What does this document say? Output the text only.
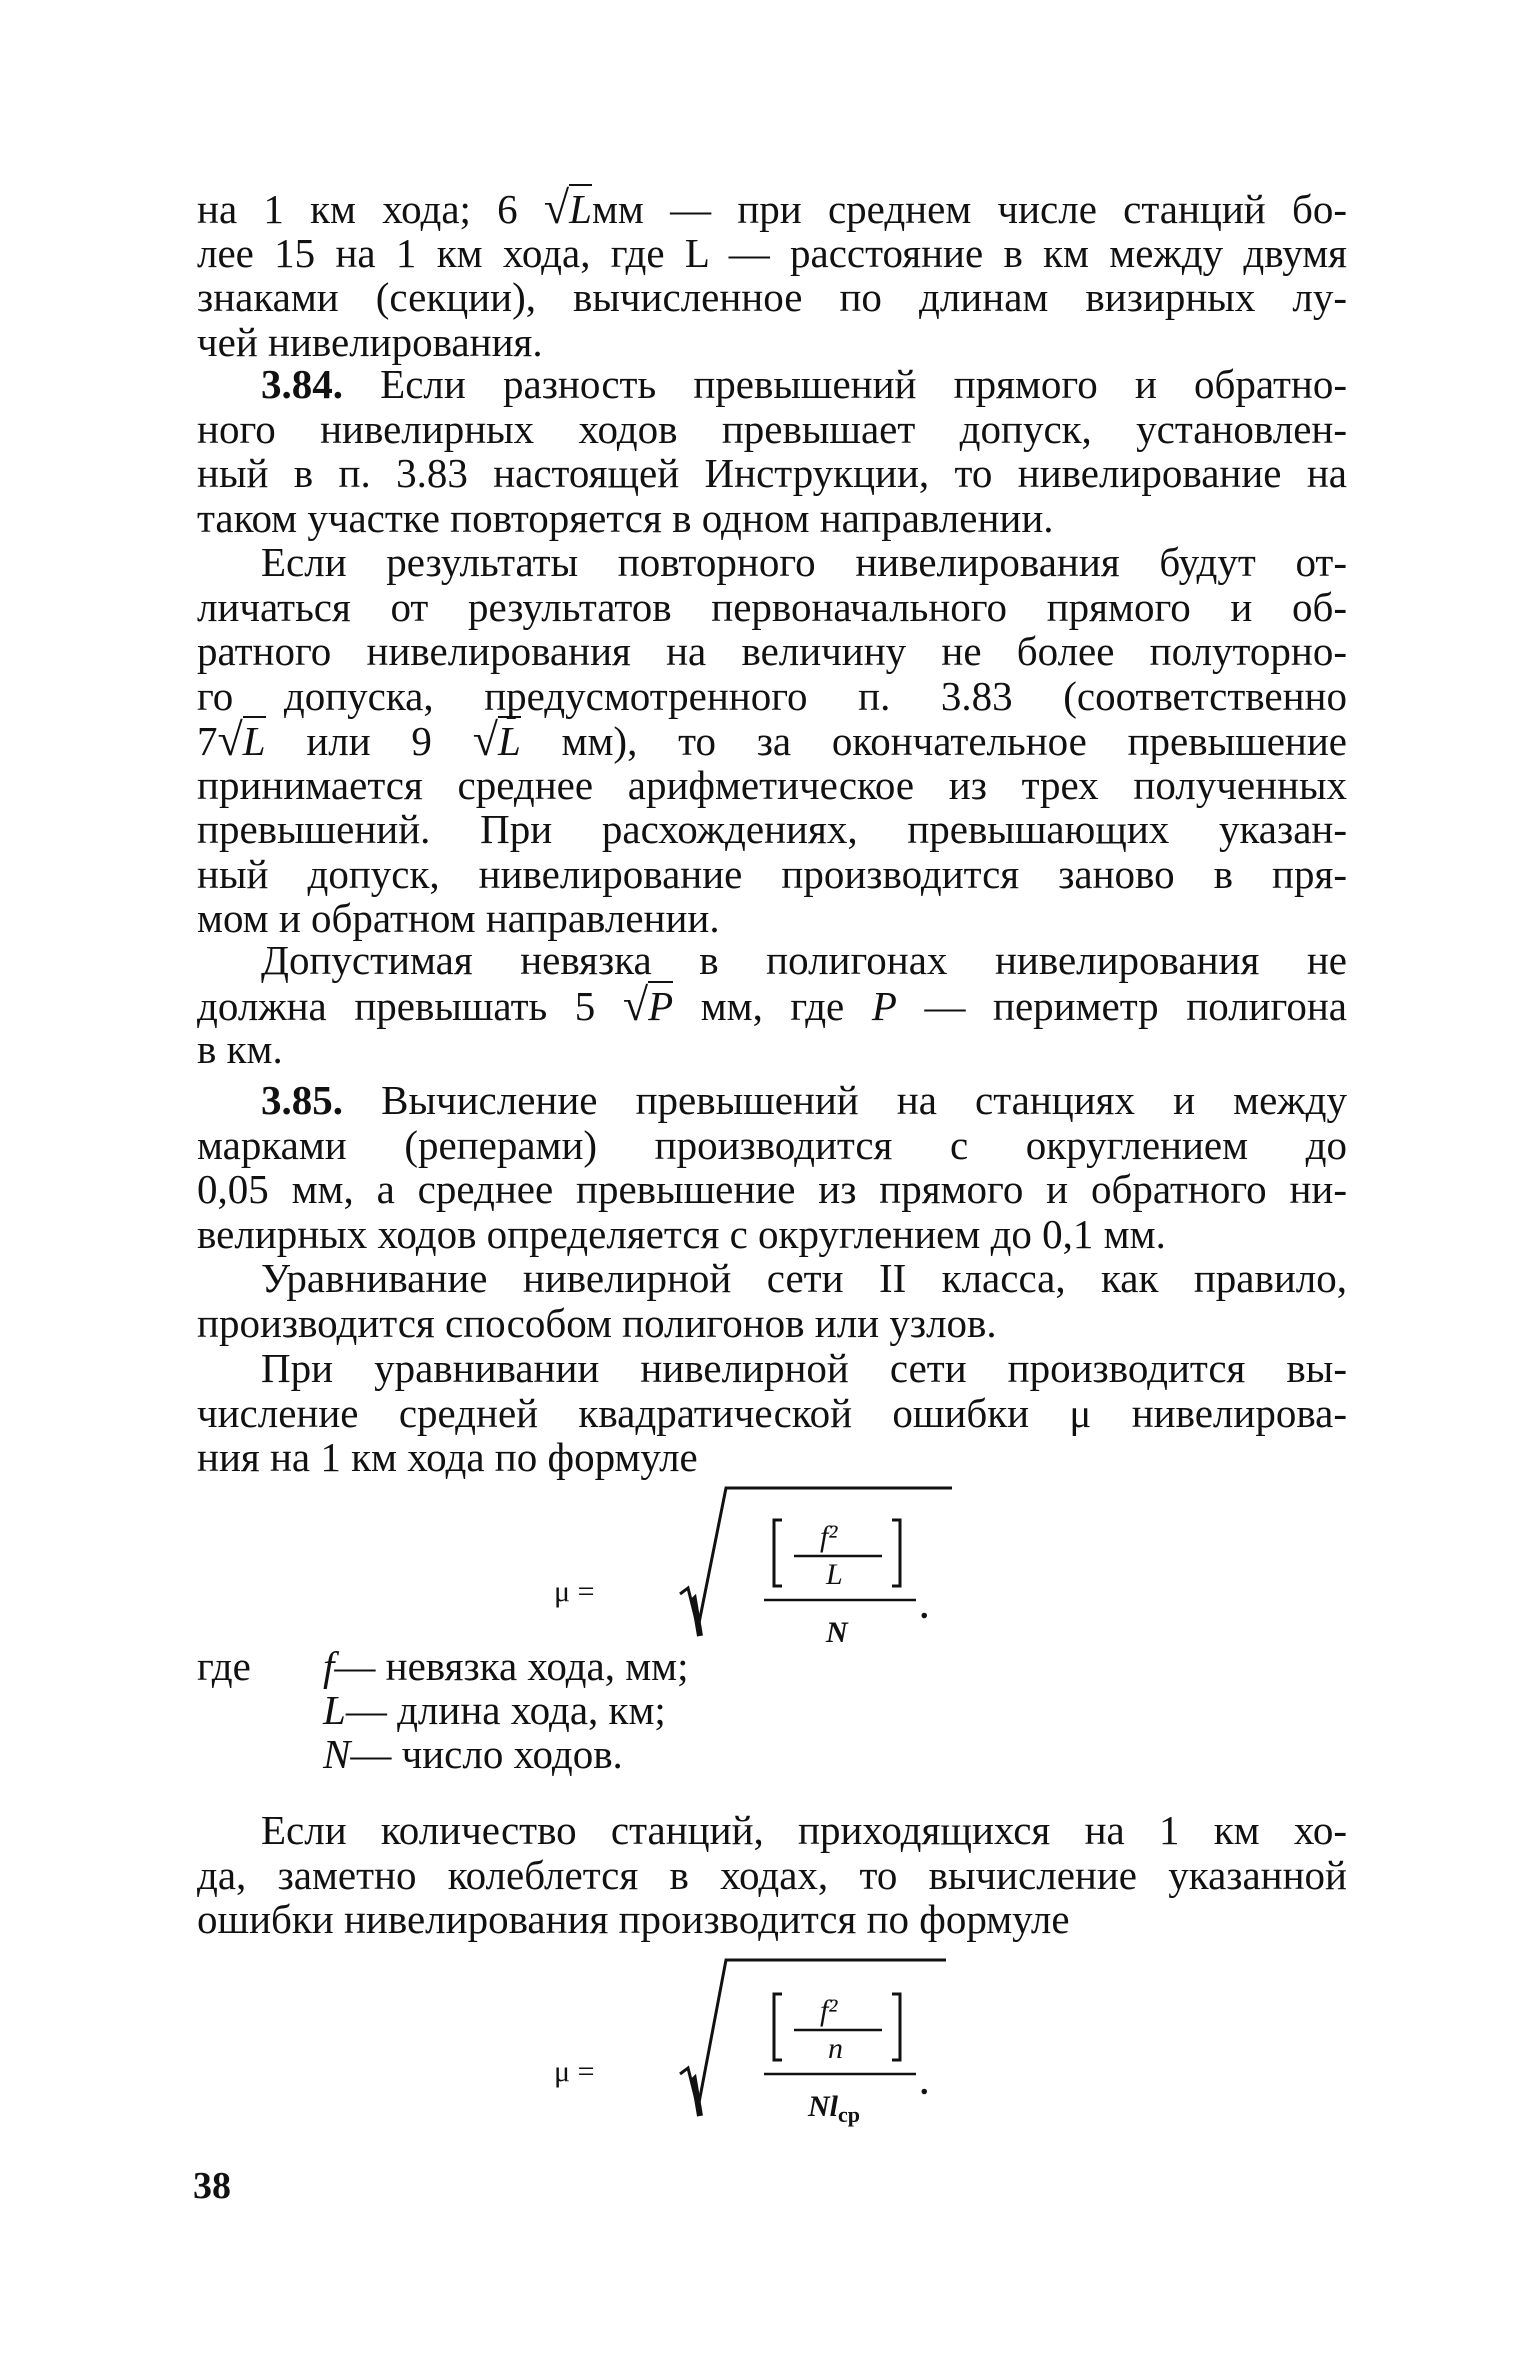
на 1 км хода; 6 √Lмм — при среднем числе станций бо-
лее 15 на 1 км хода, где L — расстояние в км между двумя
знаками (секции), вычисленное по длинам визирных лу-
чей нивелирования.
3.84. Если разность превышений прямого и обратно-
ного нивелирных ходов превышает допуск, установлен-
ный в п. 3.83 настоящей Инструкции, то нивелирование на
таком участке повторяется в одном направлении.
Если результаты повторного нивелирования будут от-
личаться от результатов первоначального прямого и об-
ратного нивелирования на величину не более полуторно-
го допуска, предусмотренного п. 3.83 (соответственно
7√L или 9 √L мм), то за окончательное превышение
принимается среднее арифметическое из трех полученных
превышений. При расхождениях, превышающих указан-
ный допуск, нивелирование производится заново в пря-
мом и обратном направлении.
Допустимая невязка в полигонах нивелирования не
должна превышать 5 √P мм, где P — периметр полигона
в км.
3.85. Вычисление превышений на станциях и между
марками (реперами) производится с округлением до
0,05 мм, а среднее превышение из прямого и обратного ни-
велирных ходов определяется с округлением до 0,1 мм.
Уравнивание нивелирной сети II класса, как правило,
производится способом полигонов или узлов.
При уравнивании нивелирной сети производится вы-
числение средней квадратической ошибки μ нивелирова-
ния на 1 км хода по формуле
μ =
f²
L
N
.
где f— невязка хода, мм;
L— длина хода, км;
N— число ходов.
Если количество станций, приходящихся на 1 км хо-
да, заметно колеблется в ходах, то вычисление указанной
ошибки нивелирования производится по формуле
μ =
f²
n
$Nl_{ср}$
.
38
